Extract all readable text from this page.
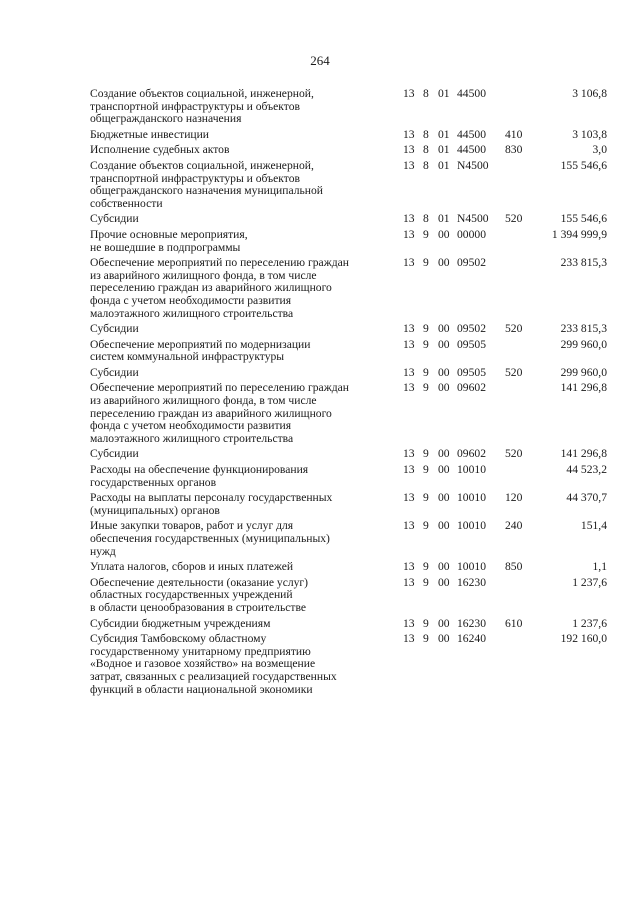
264
Создание объектов социальной, инженерной,
транспортной инфраструктуры и объектов
общегражданского назначения
13 8 01 44500	3 106,8
Бюджетные инвестиции	13 8 01 44500 410	3 103,8
Исполнение судебных актов	13 8 01 44500 830	3,0
Создание объектов социальной, инженерной,
транспортной инфраструктуры и объектов
общегражданского назначения муниципальной
собственности
13 8 01 N4500	155 546,6
Субсидии	13 8 01 N4500 520	155 546,6
Прочие основные мероприятия,
не вошедшие в подпрограммы
13 9 00 00000	1 394 999,9
Обеспечение мероприятий по переселению граждан
из аварийного жилищного фонда, в том числе
переселению граждан из аварийного жилищного
фонда с учетом необходимости развития
малоэтажного жилищного строительства
13 9 00 09502	233 815,3
Субсидии	13 9 00 09502 520	233 815,3
Обеспечение мероприятий по модернизации
систем коммунальной инфраструктуры
13 9 00 09505	299 960,0
Субсидии	13 9 00 09505 520	299 960,0
Обеспечение мероприятий по переселению граждан
из аварийного жилищного фонда, в том числе
переселению граждан из аварийного жилищного
фонда с учетом необходимости развития
малоэтажного жилищного строительства
13 9 00 09602	141 296,8
Субсидии	13 9 00 09602 520	141 296,8
Расходы на обеспечение функционирования
государственных органов
13 9 00 10010	44 523,2
Расходы на выплаты персоналу государственных
(муниципальных) органов
13 9 00 10010 120	44 370,7
Иные закупки товаров, работ и услуг для
обеспечения государственных (муниципальных)
нужд
13 9 00 10010 240	151,4
Уплата налогов, сборов и иных платежей	13 9 00 10010 850	1,1
Обеспечение деятельности (оказание услуг)
областных государственных учреждений
в области ценообразования в строительстве
13 9 00 16230	1 237,6
Субсидии бюджетным учреждениям	13 9 00 16230 610	1 237,6
Субсидия Тамбовскому областному
государственному унитарному предприятию
«Водное и газовое хозяйство» на возмещение
затрат, связанных с реализацией государственных
функций в области национальной экономики
13 9 00 16240	192 160,0
